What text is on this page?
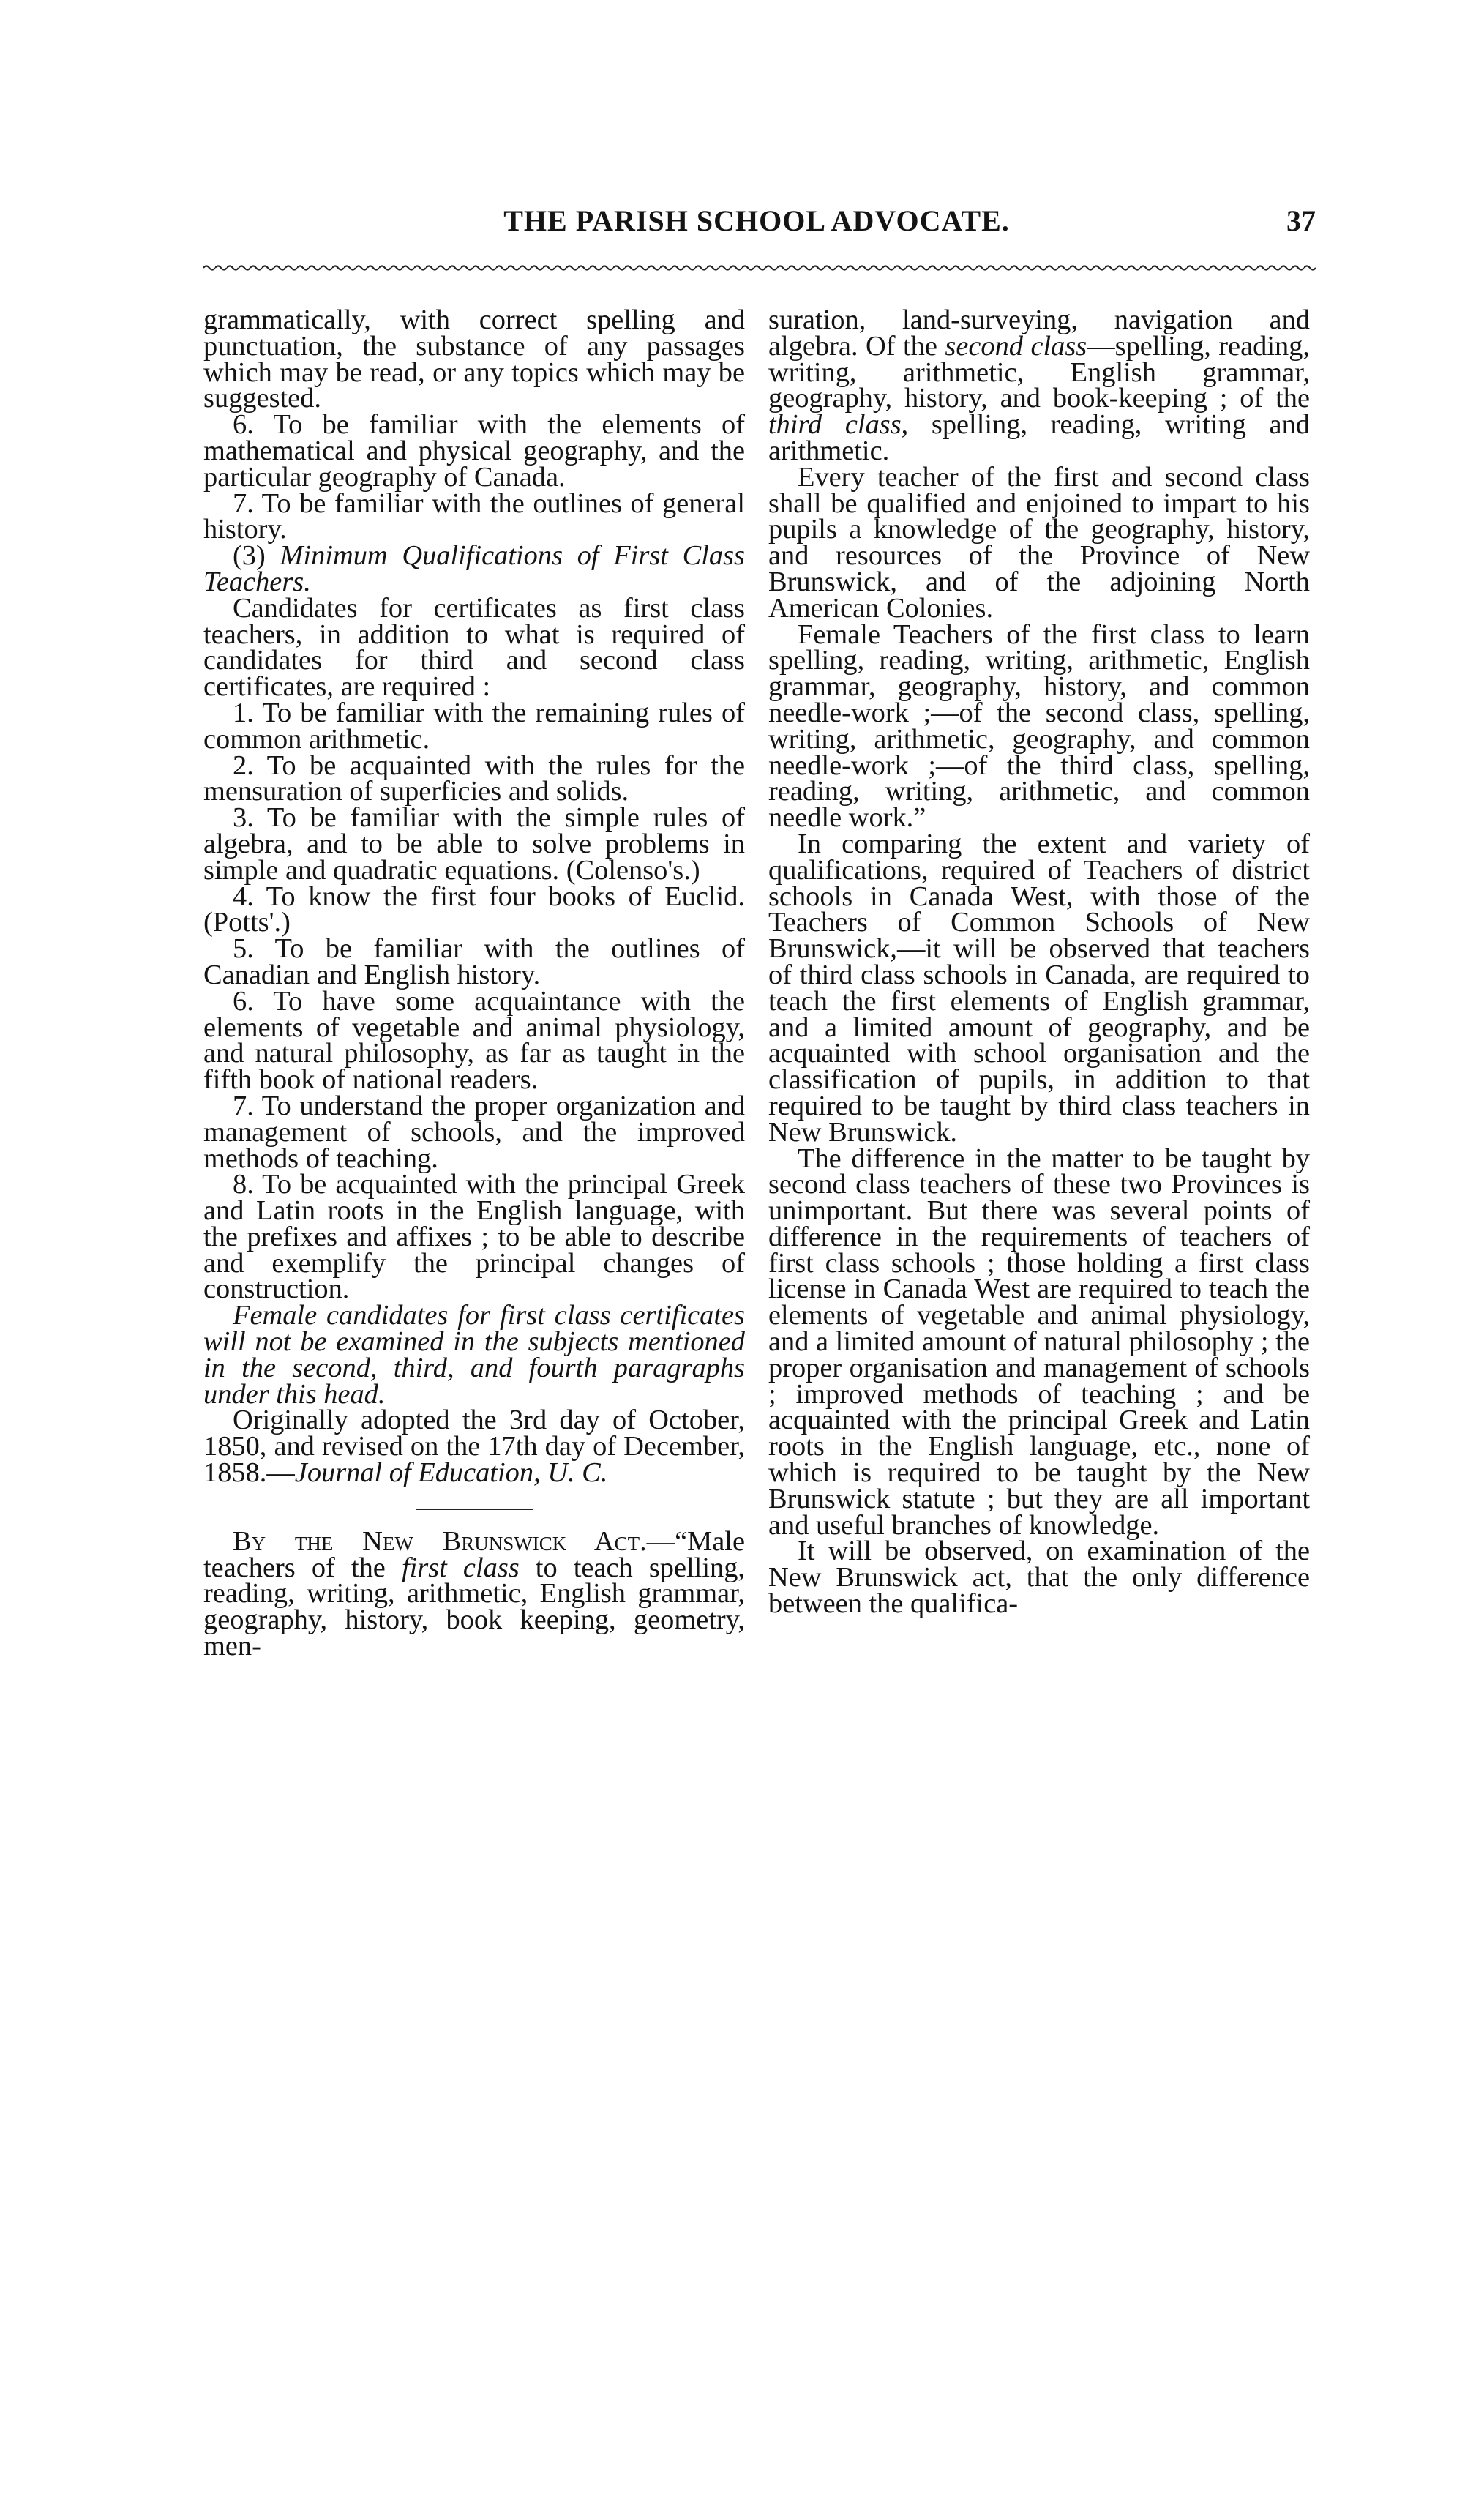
THE PARISH SCHOOL ADVOCATE.	37

grammatically, with correct spelling and punctuation, the substance of any passages which may be read, or any topics which may be suggested.

6. To be familiar with the elements of mathematical and physical geography, and the particular geography of Canada.

7. To be familiar with the outlines of general history.

(3) Minimum Qualifications of First Class Teachers.

Candidates for certificates as first class teachers, in addition to what is required of candidates for third and second class certificates, are required :

1. To be familiar with the remaining rules of common arithmetic.

2. To be acquainted with the rules for the mensuration of superficies and solids.

3. To be familiar with the simple rules of algebra, and to be able to solve problems in simple and quadratic equations. (Colenso's.)

4. To know the first four books of Euclid. (Potts'.)

5. To be familiar with the outlines of Canadian and English history.

6. To have some acquaintance with the elements of vegetable and animal physiology, and natural philosophy, as far as taught in the fifth book of national readers.

7. To understand the proper organization and management of schools, and the improved methods of teaching.

8. To be acquainted with the principal Greek and Latin roots in the English language, with the prefixes and affixes ; to be able to describe and exemplify the principal changes of construction.

Female candidates for first class certificates will not be examined in the subjects mentioned in the second, third, and fourth paragraphs under this head.

Originally adopted the 3rd day of October, 1850, and revised on the 17th day of December, 1858.—Journal of Education, U. C.

By the New Brunswick Act.—“Male teachers of the first class to teach spelling, reading, writing, arithmetic, English grammar, geography, history, book keeping, geometry, men-

suration, land-surveying, navigation and algebra. Of the second class—spelling, reading, writing, arithmetic, English grammar, geography, history, and book-keeping ; of the third class, spelling, reading, writing and arithmetic.

Every teacher of the first and second class shall be qualified and enjoined to impart to his pupils a knowledge of the geography, history, and resources of the Province of New Brunswick, and of the adjoining North American Colonies.

Female Teachers of the first class to learn spelling, reading, writing, arithmetic, English grammar, geography, history, and common needle-work ;—of the second class, spelling, writing, arithmetic, geography, and common needle-work ;—of the third class, spelling, reading, writing, arithmetic, and common needle work.”

In comparing the extent and variety of qualifications, required of Teachers of district schools in Canada West, with those of the Teachers of Common Schools of New Brunswick,—it will be observed that teachers of third class schools in Canada, are required to teach the first elements of English grammar, and a limited amount of geography, and be acquainted with school organisation and the classification of pupils, in addition to that required to be taught by third class teachers in New Brunswick.

The difference in the matter to be taught by second class teachers of these two Provinces is unimportant. But there was several points of difference in the requirements of teachers of first class schools ; those holding a first class license in Canada West are required to teach the elements of vegetable and animal physiology, and a limited amount of natural philosophy ; the proper organisation and management of schools ; improved methods of teaching ; and be acquainted with the principal Greek and Latin roots in the English language, etc., none of which is required to be taught by the New Brunswick statute ; but they are all important and useful branches of knowledge.

It will be observed, on examination of the New Brunswick act, that the only difference between the qualifica-
